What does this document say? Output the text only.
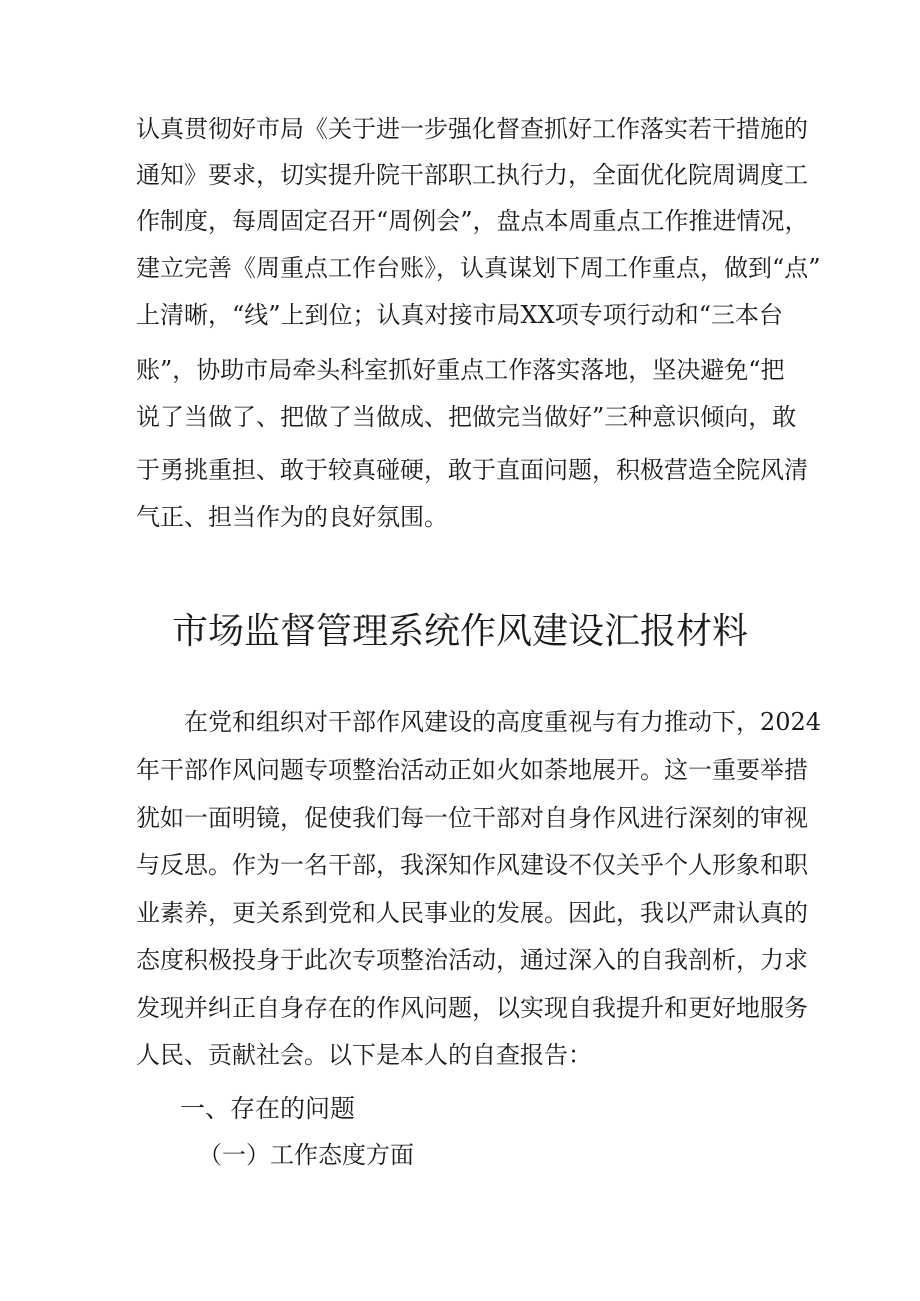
认真贯彻好市局《关于进一步强化督查抓好工作落实若干措施的
通知》要求，切实提升院干部职工执行力，全面优化院周调度工
作制度，每周固定召开“周例会”，盘点本周重点工作推进情况，
建立完善《周重点工作台账》，认真谋划下周工作重点，做到“点”
上清晰，“线”上到位；认真对接市局XX项专项行动和“三本台
账”，协助市局牵头科室抓好重点工作落实落地，坚决避免“把
说了当做了、把做了当做成、把做完当做好”三种意识倾向，敢
于勇挑重担、敢于较真碰硬，敢于直面问题，积极营造全院风清
气正、担当作为的良好氛围。
市场监督管理系统作风建设汇报材料
在党和组织对干部作风建设的高度重视与有力推动下，2024
年干部作风问题专项整治活动正如火如荼地展开。这一重要举措
犹如一面明镜，促使我们每一位干部对自身作风进行深刻的审视
与反思。作为一名干部，我深知作风建设不仅关乎个人形象和职
业素养，更关系到党和人民事业的发展。因此，我以严肃认真的
态度积极投身于此次专项整治活动，通过深入的自我剖析，力求
发现并纠正自身存在的作风问题，以实现自我提升和更好地服务
人民、贡献社会。以下是本人的自查报告：
一、存在的问题
（一）工作态度方面
